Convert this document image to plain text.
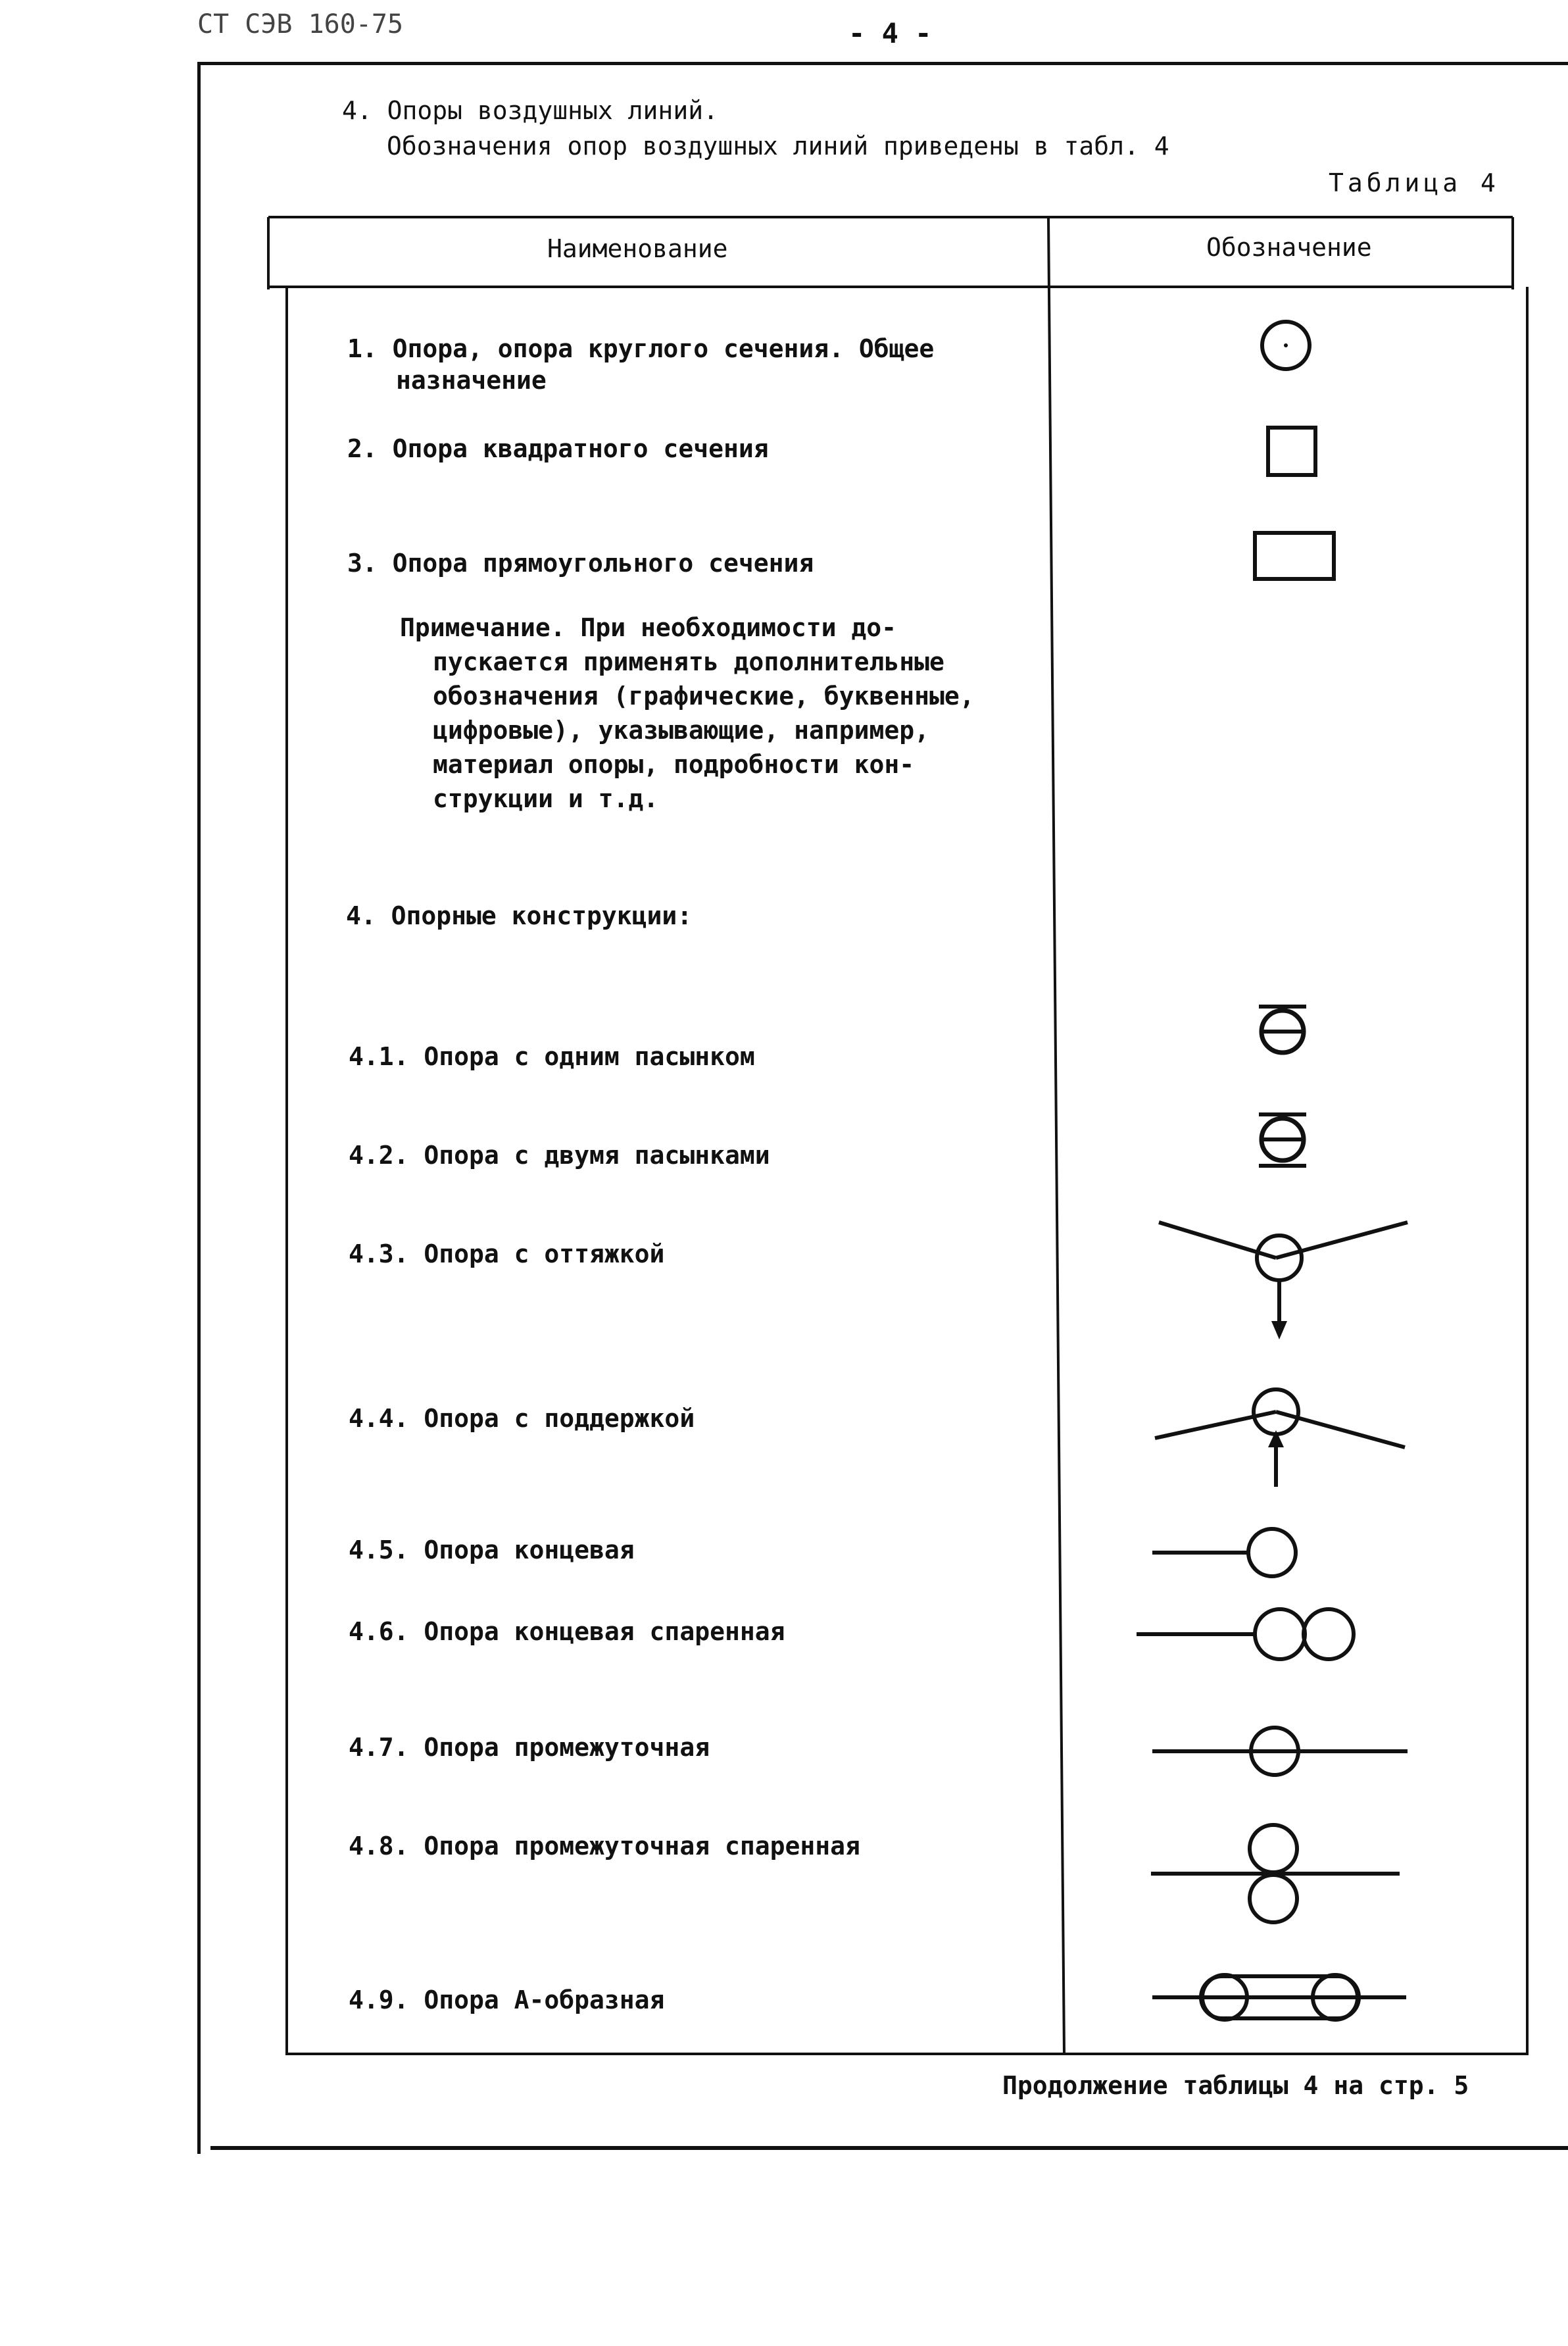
СТ СЭВ 160-75	- 4 -
4. Опоры воздушных линий.
Обозначения опор воздушных линий приведены в табл. 4
Таблица 4
Наименование	Обозначение
1. Опора, опора круглого сечения. Общее
назначение
2. Опора квадратного сечения
3. Опора прямоугольного сечения
Примечание. При необходимости до-
пускается применять дополнительные
обозначения (графические, буквенные,
цифровые), указывающие, например,
материал опоры, подробности кон-
струкции и т.д.
4. Опорные конструкции:
4.1. Опора с одним пасынком
4.2. Опора с двумя пасынками
4.3. Опора с оттяжкой
4.4. Опора с поддержкой
4.5. Опора концевая
4.6. Опора концевая спаренная
4.7. Опора промежуточная
4.8. Опора промежуточная спаренная
4.9. Опора А-образная
Продолжение таблицы 4 на стр. 5
